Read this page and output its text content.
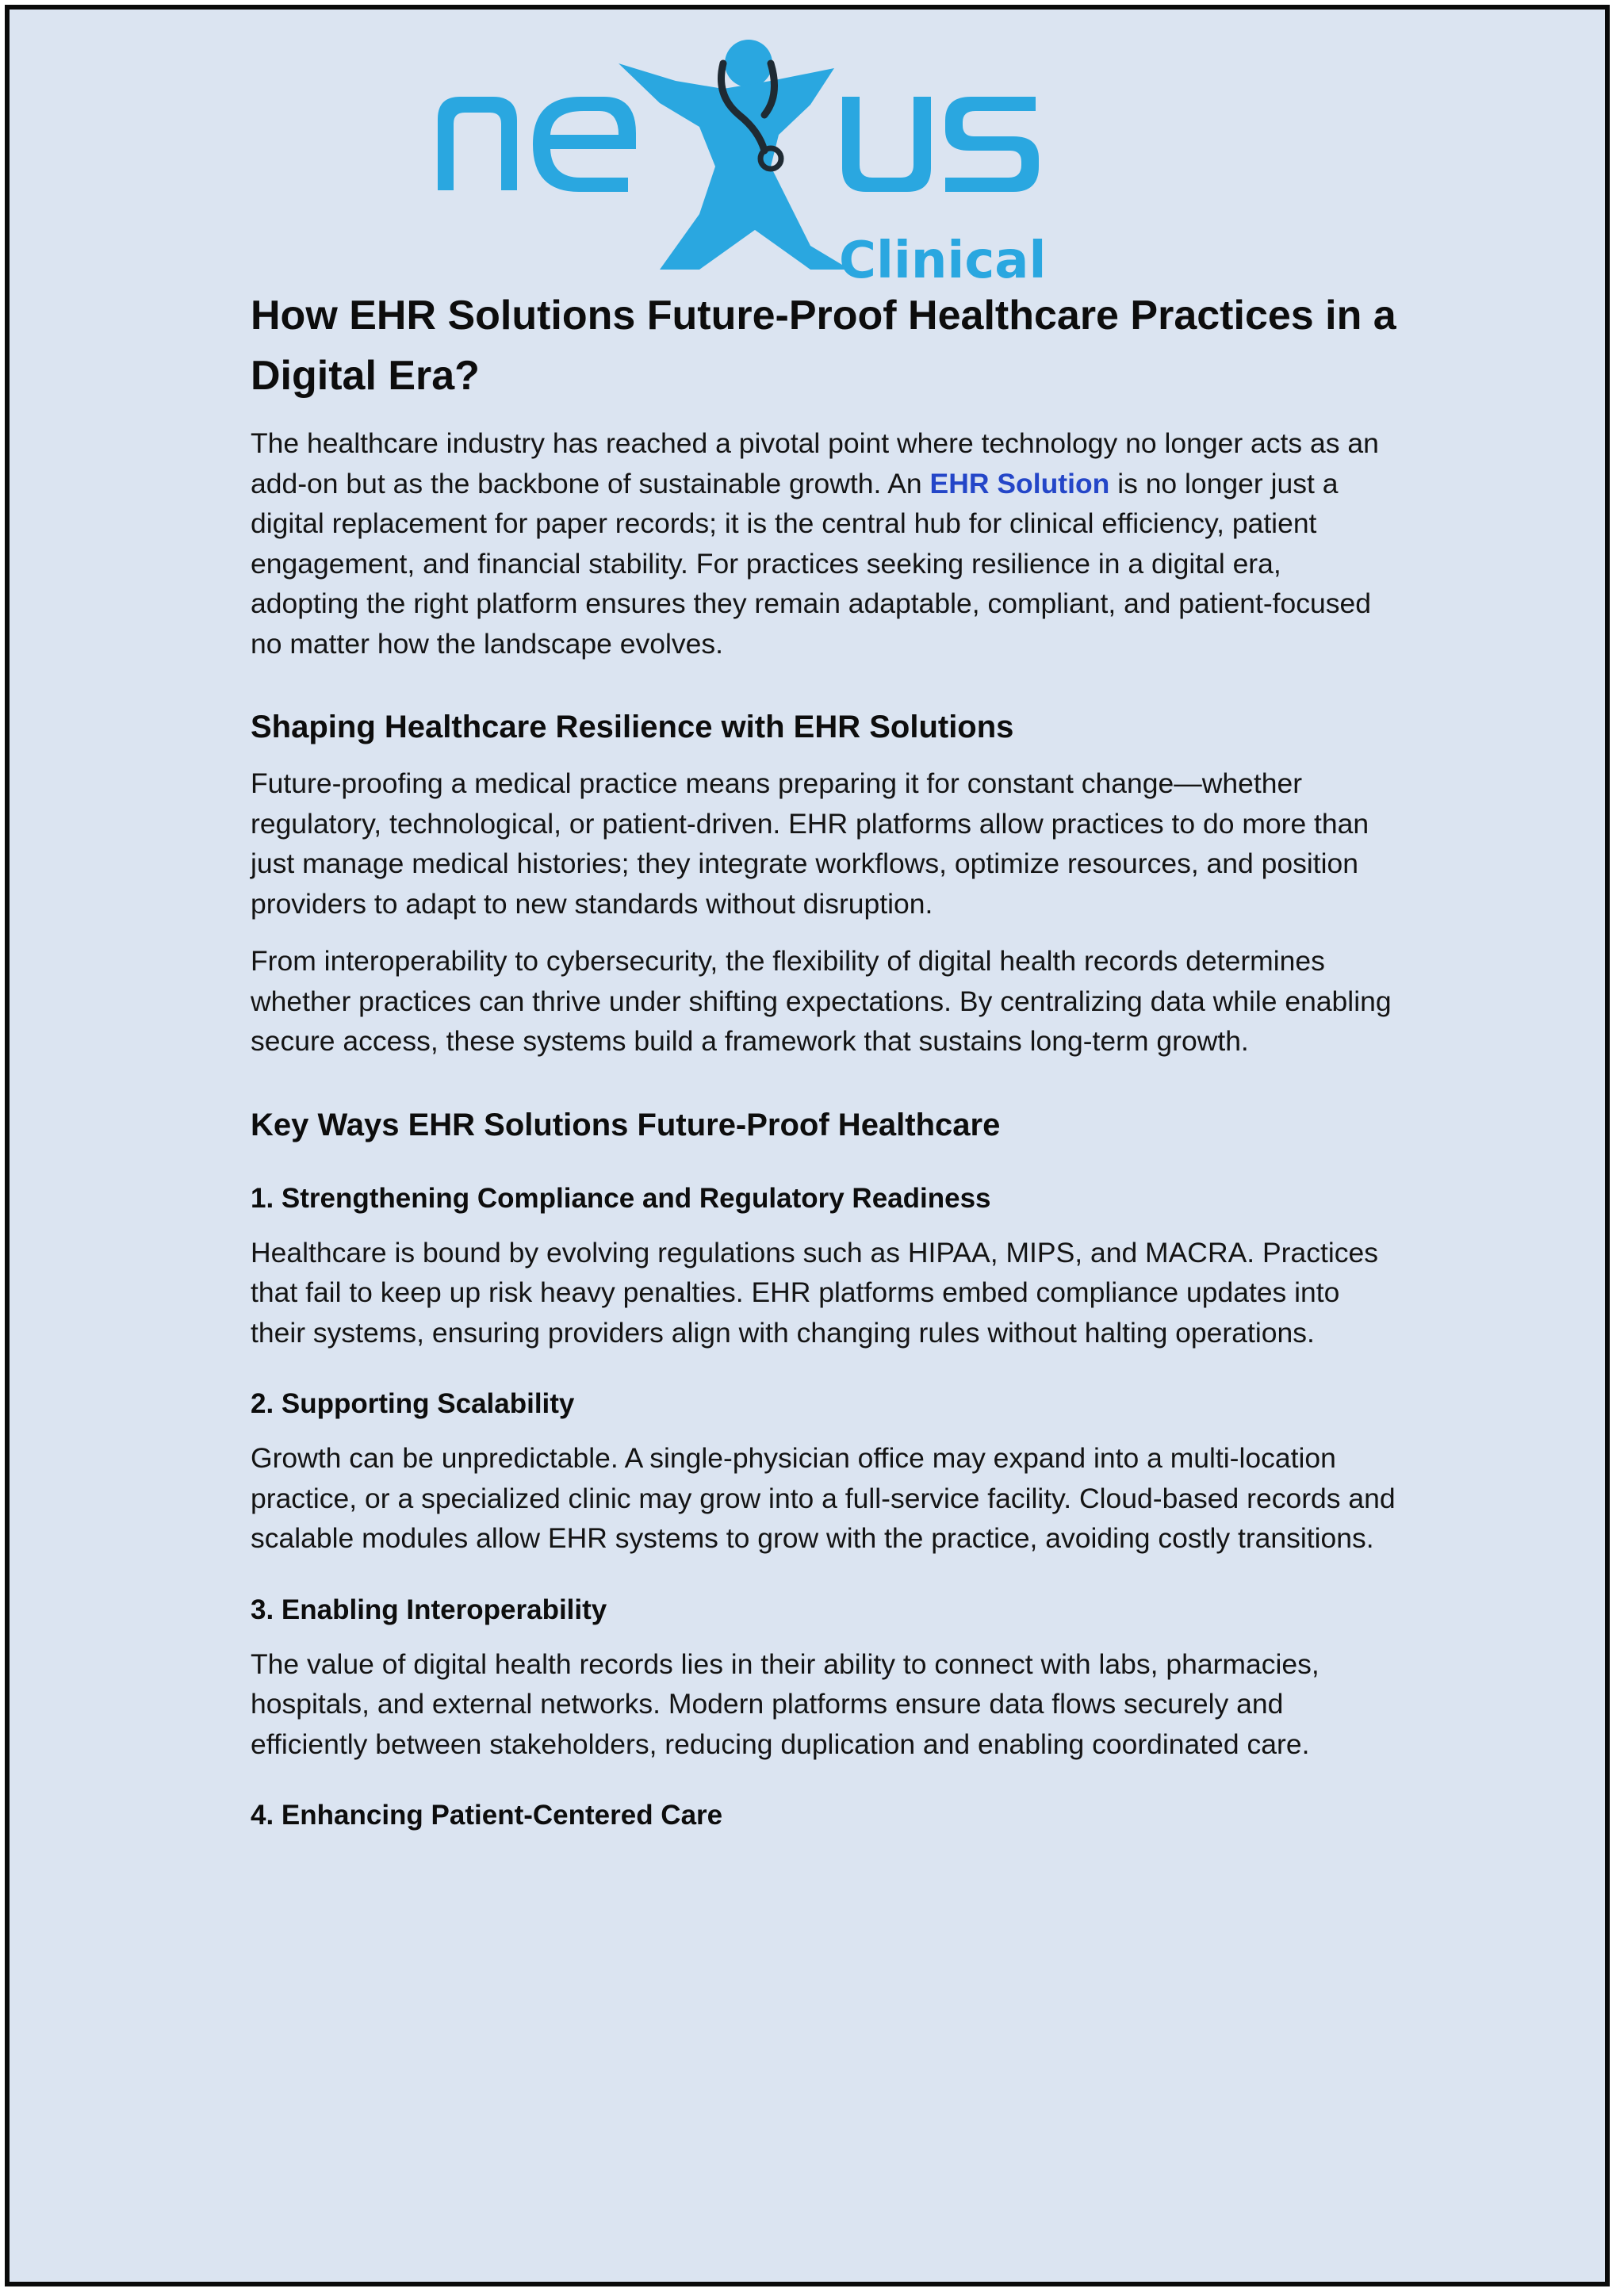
Clinical
How EHR Solutions Future-Proof Healthcare Practices in a Digital Era?

The healthcare industry has reached a pivotal point where technology no longer acts as an add-on but as the backbone of sustainable growth. An EHR Solution is no longer just a digital replacement for paper records; it is the central hub for clinical efficiency, patient engagement, and financial stability. For practices seeking resilience in a digital era, adopting the right platform ensures they remain adaptable, compliant, and patient-focused no matter how the landscape evolves.

Shaping Healthcare Resilience with EHR Solutions

Future-proofing a medical practice means preparing it for constant change—whether regulatory, technological, or patient-driven. EHR platforms allow practices to do more than just manage medical histories; they integrate workflows, optimize resources, and position providers to adapt to new standards without disruption.

From interoperability to cybersecurity, the flexibility of digital health records determines whether practices can thrive under shifting expectations. By centralizing data while enabling secure access, these systems build a framework that sustains long-term growth.

Key Ways EHR Solutions Future-Proof Healthcare
1. Strengthening Compliance and Regulatory Readiness

Healthcare is bound by evolving regulations such as HIPAA, MIPS, and MACRA. Practices that fail to keep up risk heavy penalties. EHR platforms embed compliance updates into their systems, ensuring providers align with changing rules without halting operations.

2. Supporting Scalability

Growth can be unpredictable. A single-physician office may expand into a multi-location practice, or a specialized clinic may grow into a full-service facility. Cloud-based records and scalable modules allow EHR systems to grow with the practice, avoiding costly transitions.

3. Enabling Interoperability

The value of digital health records lies in their ability to connect with labs, pharmacies, hospitals, and external networks. Modern platforms ensure data flows securely and efficiently between stakeholders, reducing duplication and enabling coordinated care.

4. Enhancing Patient-Centered Care
